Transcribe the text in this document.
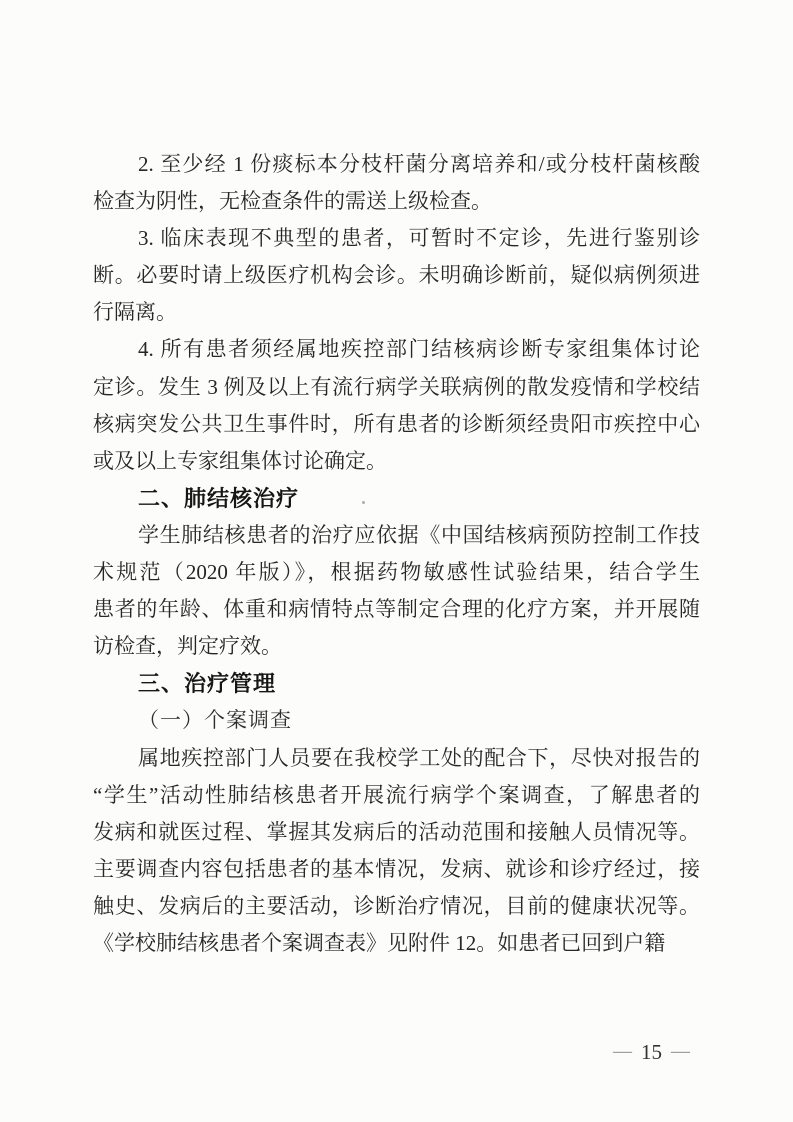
2. 至少经 1 份痰标本分枝杆菌分离培养和/或分枝杆菌核酸
检查为阴性，无检查条件的需送上级检查。
3. 临床表现不典型的患者，可暂时不定诊，先进行鉴别诊
断。必要时请上级医疗机构会诊。未明确诊断前，疑似病例须进
行隔离。
4. 所有患者须经属地疾控部门结核病诊断专家组集体讨论
定诊。发生 3 例及以上有流行病学关联病例的散发疫情和学校结
核病突发公共卫生事件时，所有患者的诊断须经贵阳市疾控中心
或及以上专家组集体讨论确定。
二、肺结核治疗
学生肺结核患者的治疗应依据《中国结核病预防控制工作技
术规范（2020 年版）》，根据药物敏感性试验结果，结合学生
患者的年龄、体重和病情特点等制定合理的化疗方案，并开展随
访检查，判定疗效。
三、治疗管理
（一）个案调查
属地疾控部门人员要在我校学工处的配合下，尽快对报告的
“学生”活动性肺结核患者开展流行病学个案调查，了解患者的
发病和就医过程、掌握其发病后的活动范围和接触人员情况等。
主要调查内容包括患者的基本情况，发病、就诊和诊疗经过，接
触史、发病后的主要活动，诊断治疗情况，目前的健康状况等。
《学校肺结核患者个案调查表》见附件 12。如患者已回到户籍
— 15 —
